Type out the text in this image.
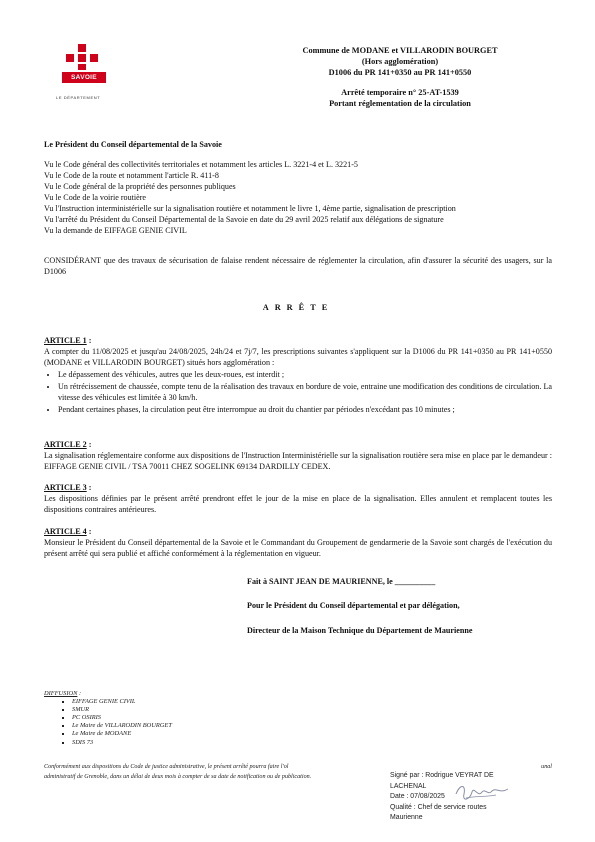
SAVOIE
LE DÉPARTEMENT
Commune de MODANE et VILLARODIN BOURGET
(Hors agglomération)
D1006 du PR 141+0350 au PR 141+0550
Arrêté temporaire n° 25-AT-1539
Portant réglementation de la circulation
Le Président du Conseil départemental de la Savoie
Vu le Code général des collectivités territoriales et notamment les articles L. 3221-4 et L. 3221-5
Vu le Code de la route et notamment l'article R. 411-8
Vu le Code général de la propriété des personnes publiques
Vu le Code de la voirie routière
Vu l'Instruction interministérielle sur la signalisation routière et notamment le livre 1, 4ème partie, signalisation de prescription
Vu l'arrêté du Président du Conseil Départemental de la Savoie en date du 29 avril 2025 relatif aux délégations de signature
Vu la demande de EIFFAGE GENIE CIVIL
CONSIDÉRANT que des travaux de sécurisation de falaise rendent nécessaire de réglementer la circulation, afin d'assurer la sécurité des usagers, sur la D1006
ARRÊTE
ARTICLE 1 :
A compter du 11/08/2025 et jusqu'au 24/08/2025, 24h/24 et 7j/7, les prescriptions suivantes s'appliquent sur la D1006 du PR 141+0350 au PR 141+0550 (MODANE et VILLARODIN BOURGET) situés hors agglomération :
• Le dépassement des véhicules, autres que les deux-roues, est interdit ;
• Un rétrécissement de chaussée, compte tenu de la réalisation des travaux en bordure de voie, entraine une modification des conditions de circulation. La vitesse des véhicules est limitée à 30 km/h.
• Pendant certaines phases, la circulation peut être interrompue au droit du chantier par périodes n'excédant pas 10 minutes ;
ARTICLE 2 :
La signalisation réglementaire conforme aux dispositions de l'Instruction Interministérielle sur la signalisation routière sera mise en place par le demandeur : EIFFAGE GENIE CIVIL / TSA 70011 CHEZ SOGELINK 69134 DARDILLY CEDEX.
ARTICLE 3 :
Les dispositions définies par le présent arrêté prendront effet le jour de la mise en place de la signalisation. Elles annulent et remplacent toutes les dispositions contraires antérieures.
ARTICLE 4 :
Monsieur le Président du Conseil départemental de la Savoie et le Commandant du Groupement de gendarmerie de la Savoie sont chargés de l'exécution du présent arrêté qui sera publié et affiché conformément à la réglementation en vigueur.
Fait à SAINT JEAN DE MAURIENNE, le __________
Pour le Président du Conseil départemental et par délégation,
Directeur de la Maison Technique du Département de Maurienne
DIFFUSION :
▪ EIFFAGE GENIE CIVIL
▪ SMUR
▪ PC OSIRIS
▪ Le Maire de VILLARODIN BOURGET
▪ Le Maire de MODANE
▪ SDIS 73
Conformément aux dispositions du Code de justice administrative, le présent arrêté pourra faire l'ol	unal
administratif de Grenoble, dans un délai de deux mois à compter de sa date de notification ou de publication.	Signé par : Rodrigue VEYRAT DE
LACHENAL
Date : 07/08/2025
Qualité : Chef de service routes
Maurienne
